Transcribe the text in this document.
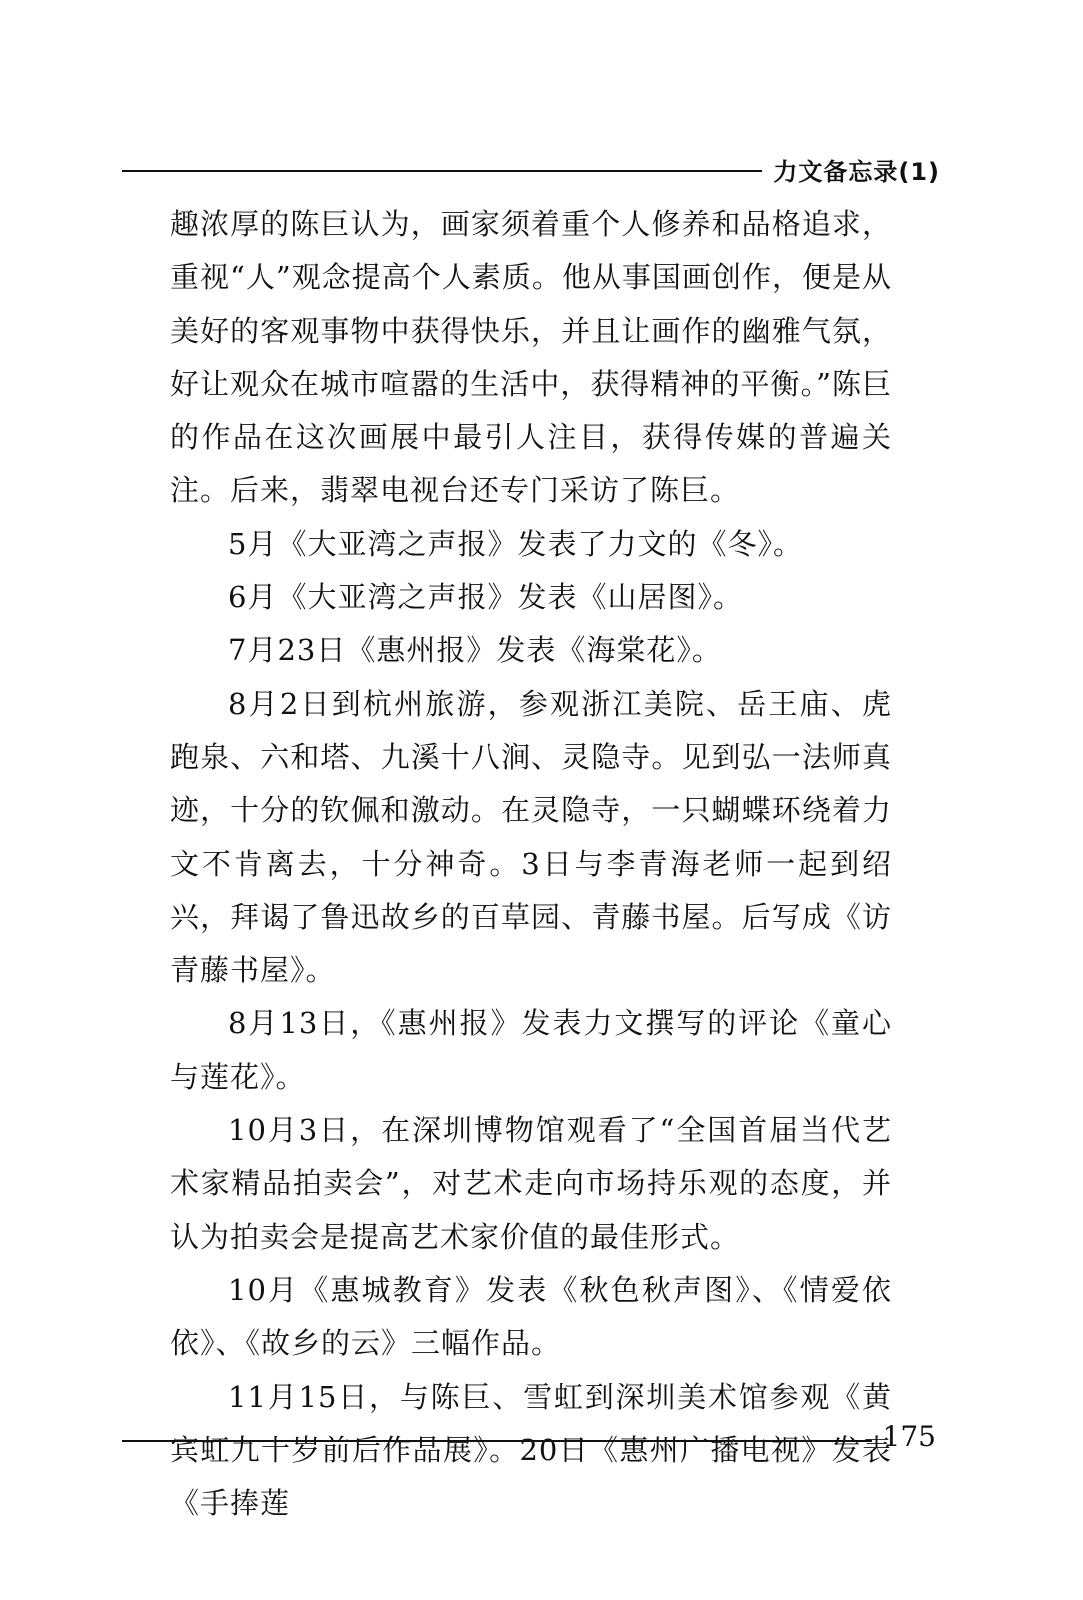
力文备忘录(1)

趣浓厚的陈巨认为，画家须着重个人修养和品格追求，重视“人”观念提高个人素质。他从事国画创作，便是从美好的客观事物中获得快乐，并且让画作的幽雅气氛，好让观众在城市喧嚣的生活中，获得精神的平衡。”陈巨的作品在这次画展中最引人注目，获得传媒的普遍关注。后来，翡翠电视台还专门采访了陈巨。

5月《大亚湾之声报》发表了力文的《冬》。

6月《大亚湾之声报》发表《山居图》。

7月23日《惠州报》发表《海棠花》。

8月2日到杭州旅游，参观浙江美院、岳王庙、虎跑泉、六和塔、九溪十八涧、灵隐寺。见到弘一法师真迹，十分的钦佩和激动。在灵隐寺，一只蝴蝶环绕着力文不肯离去，十分神奇。3日与李青海老师一起到绍兴，拜谒了鲁迅故乡的百草园、青藤书屋。后写成《访青藤书屋》。

8月13日，《惠州报》发表力文撰写的评论《童心与莲花》。

10月3日，在深圳博物馆观看了“全国首届当代艺术家精品拍卖会”，对艺术走向市场持乐观的态度，并认为拍卖会是提高艺术家价值的最佳形式。

10月《惠城教育》发表《秋色秋声图》、《情爱依依》、《故乡的云》三幅作品。

11月15日，与陈巨、雪虹到深圳美术馆参观《黄宾虹九十岁前后作品展》。20日《惠州广播电视》发表《手捧莲

175
